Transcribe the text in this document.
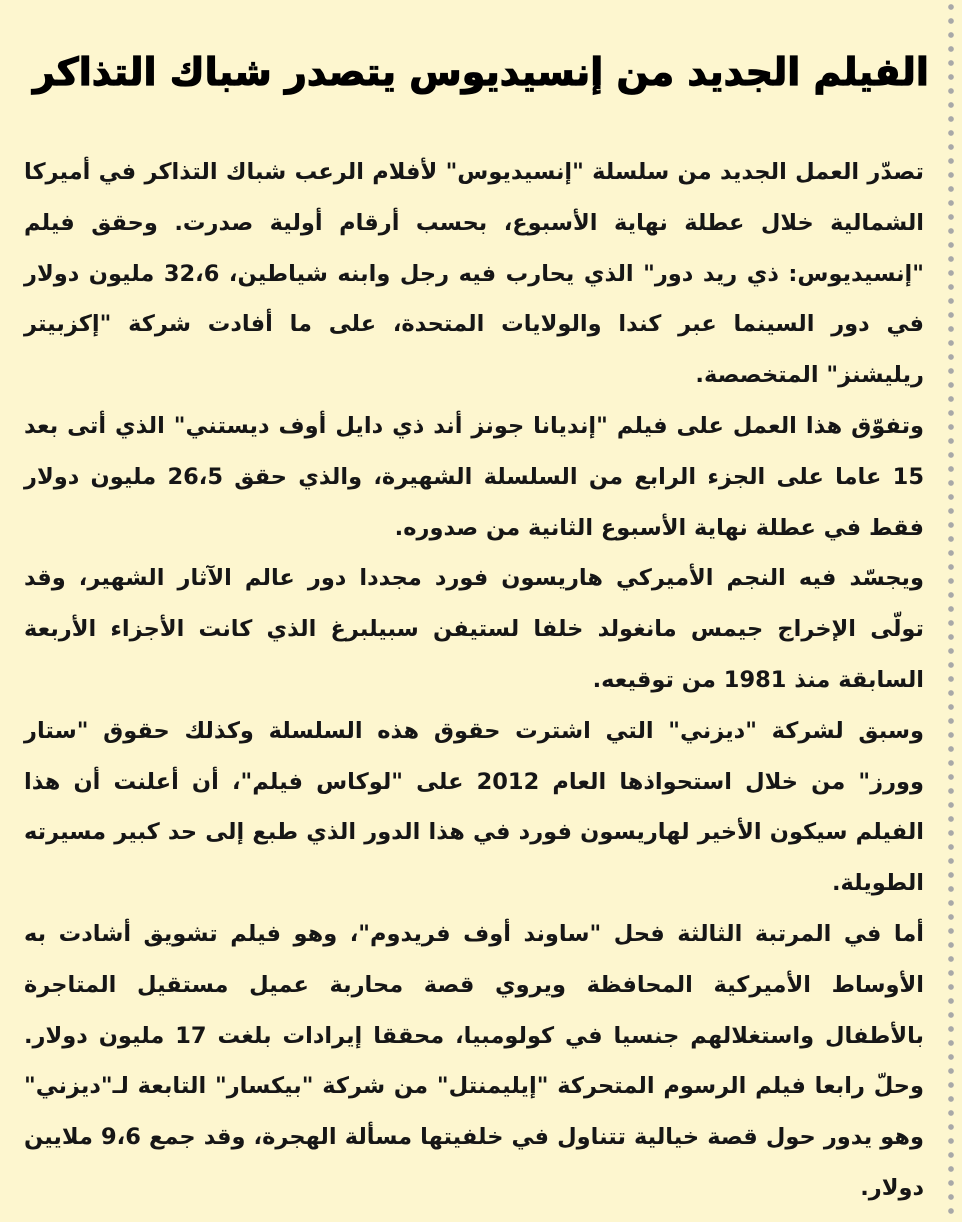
الفيلم الجديد من إنسيديوس يتصدر شباك التذاكر

تصدّر العمل الجديد من سلسلة "إنسيديوس" لأفلام الرعب شباك التذاكر في أميركا الشمالية خلال عطلة نهاية الأسبوع، بحسب أرقام أولية صدرت. وحقق فيلم "إنسيديوس: ذي ريد دور" الذي يحارب فيه رجل وابنه شياطين، 32،6 مليون دولار في دور السينما عبر كندا والولايات المتحدة، على ما أفادت شركة "إكزبيتر ريليشنز" المتخصصة.

وتفوّق هذا العمل على فيلم "إنديانا جونز أند ذي دايل أوف ديستني" الذي أتى بعد 15 عاما على الجزء الرابع من السلسلة الشهيرة، والذي حقق 26،5 مليون دولار فقط في عطلة نهاية الأسبوع الثانية من صدوره.

ويجسّد فيه النجم الأميركي هاريسون فورد مجددا دور عالم الآثار الشهير، وقد تولّى الإخراج جيمس مانغولد خلفا لستيفن سبيلبرغ الذي كانت الأجزاء الأربعة السابقة منذ 1981 من توقيعه.

وسبق لشركة "ديزني" التي اشترت حقوق هذه السلسلة وكذلك حقوق "ستار وورز" من خلال استحواذها العام 2012 على "لوكاس فيلم"، أن أعلنت أن هذا الفيلم سيكون الأخير لهاريسون فورد في هذا الدور الذي طبع إلى حد كبير مسيرته الطويلة.

أما في المرتبة الثالثة فحل "ساوند أوف فريدوم"، وهو فيلم تشويق أشادت به الأوساط الأميركية المحافظة ويروي قصة محاربة عميل مستقيل المتاجرة بالأطفال واستغلالهم جنسيا في كولومبيا، محققا إيرادات بلغت 17 مليون دولار. وحلّ رابعا فيلم الرسوم المتحركة "إيليمنتل" من شركة "بيكسار" التابعة لـ"ديزني" وهو يدور حول قصة خيالية تتناول في خلفيتها مسألة الهجرة، وقد جمع 9،6 ملايين دولار.
